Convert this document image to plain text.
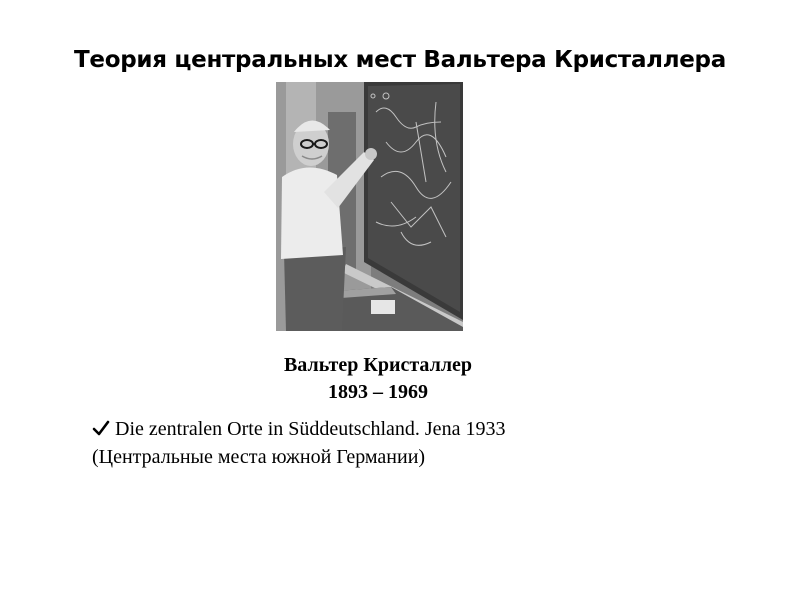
Теория центральных мест Вальтера Кристаллера
Вальтер Кристаллер
1893 – 1969
Die zentralen Orte in Süddeutschland. Jena 1933
(Центральные места южной Германии)
